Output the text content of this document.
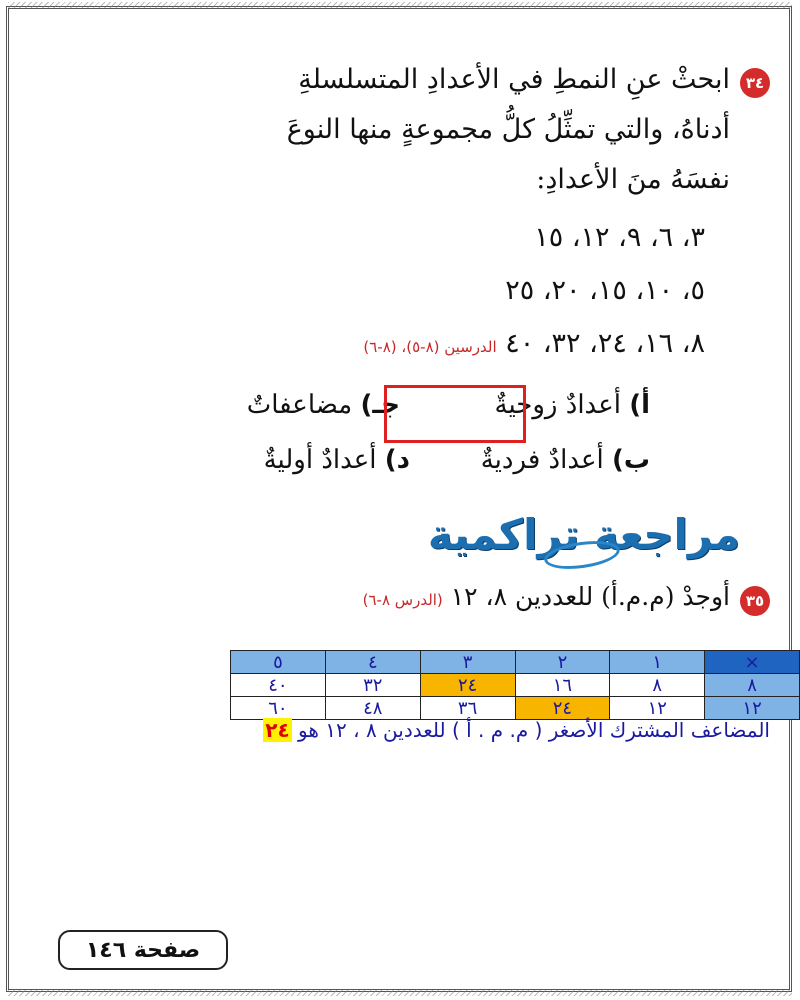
٣٤

ابحثْ عنِ النمطِ في الأعدادِ المتسلسلةِ

أدناهُ، والتي تمثِّلُ كلُّ مجموعةٍ منها النوعَ

نفسَهُ منَ الأعدادِ:

٣، ٦، ٩، ١٢، ١٥
٥، ١٠، ١٥، ٢٠، ٢٥
٨، ١٦، ٢٤، ٣٢، ٤٠ الدرسين (٨-٥)، (٨-٦)
أ) أعدادٌ زوجيةٌ
جـ) مضاعفاتٌ
ب) أعدادٌ فرديةٌ
د) أعدادٌ أوليةٌ
مراجعة تراكمية
٣٥
أوجدْ (م.م.أ) للعددين ٨، ١٢ (الدرس ٨-٦)
×	١	٢	٣	٤	٥
٨	٨	١٦	٢٤	٣٢	٤٠
١٢	١٢	٢٤	٣٦	٤٨	٦٠
المضاعف المشترك الأصغر ( م. م . أ ) للعددين ٨ ، ١٢ هو ٢٤
صفحة ١٤٦
